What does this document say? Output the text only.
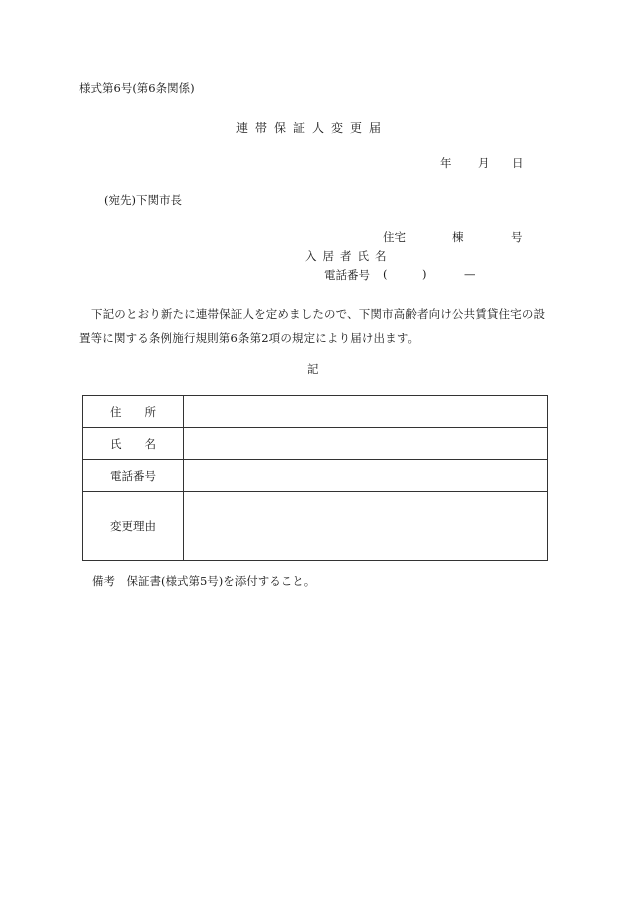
様式第6号(第6条関係)
連帯保証人変更届
年 月 日
(宛先)下関市長
住宅	棟	号
入居者氏名
電話番号 (	)	—
下記のとおり新たに連帯保証人を定めましたので、下関市高齢者向け公共賃貸住宅の設置等に関する条例施行規則第6条第2項の規定により届け出ます。
記
住　　所	
氏　　名	
電話番号	
変更理由	
備考　保証書(様式第5号)を添付すること。
